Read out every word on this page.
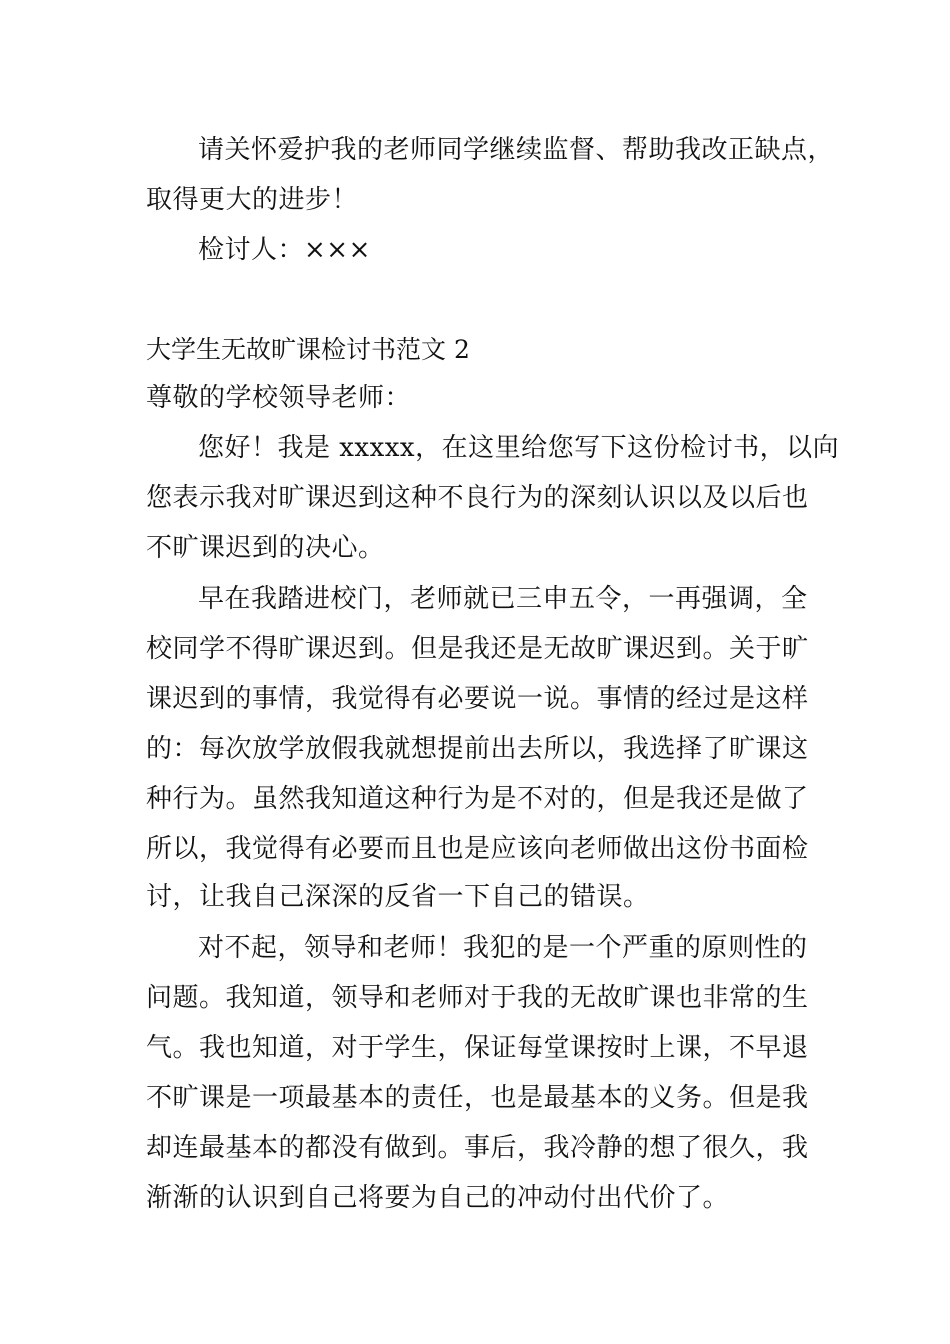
请关怀爱护我的老师同学继续监督、帮助我改正缺点，
取得更大的进步！
检讨人：×××
大学生无故旷课检讨书范文 2
尊敬的学校领导老师：
您好！我是 xxxxx，在这里给您写下这份检讨书，以向
您表示我对旷课迟到这种不良行为的深刻认识以及以后也
不旷课迟到的决心。
早在我踏进校门，老师就已三申五令，一再强调，全
校同学不得旷课迟到。但是我还是无故旷课迟到。关于旷
课迟到的事情，我觉得有必要说一说。事情的经过是这样
的：每次放学放假我就想提前出去所以，我选择了旷课这
种行为。虽然我知道这种行为是不对的，但是我还是做了
所以，我觉得有必要而且也是应该向老师做出这份书面检
讨，让我自己深深的反省一下自己的错误。
对不起，领导和老师！我犯的是一个严重的原则性的
问题。我知道，领导和老师对于我的无故旷课也非常的生
气。我也知道，对于学生，保证每堂课按时上课，不早退
不旷课是一项最基本的责任，也是最基本的义务。但是我
却连最基本的都没有做到。事后，我冷静的想了很久，我
渐渐的认识到自己将要为自己的冲动付出代价了。
